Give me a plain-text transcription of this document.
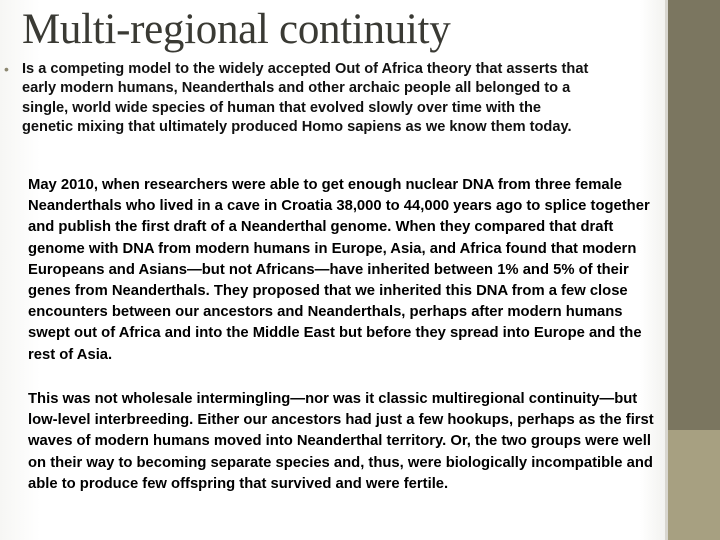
Multi-regional continuity
• Is a competing model to the widely accepted Out of Africa theory that asserts that early modern humans, Neanderthals and other archaic people all belonged to a single, world wide species of human that evolved slowly over time with the genetic mixing that ultimately produced Homo sapiens as we know them today.
May 2010, when researchers were able to get enough nuclear DNA from three female Neanderthals who lived in a cave in Croatia 38,000 to 44,000 years ago to splice together and publish the first draft of a Neanderthal genome. When they compared that draft genome with DNA from modern humans in Europe, Asia, and Africa found that modern Europeans and Asians—but not Africans—have inherited between 1% and 5% of their genes from Neanderthals. They proposed that we inherited this DNA from a few close encounters between our ancestors and Neanderthals, perhaps after modern humans swept out of Africa and into the Middle East but before they spread into Europe and the rest of Asia.
This was not wholesale intermingling—nor was it classic multiregional continuity—but low-level interbreeding. Either our ancestors had just a few hookups, perhaps as the first waves of modern humans moved into Neanderthal territory. Or, the two groups were well on their way to becoming separate species and, thus, were biologically incompatible and able to produce few offspring that survived and were fertile.
